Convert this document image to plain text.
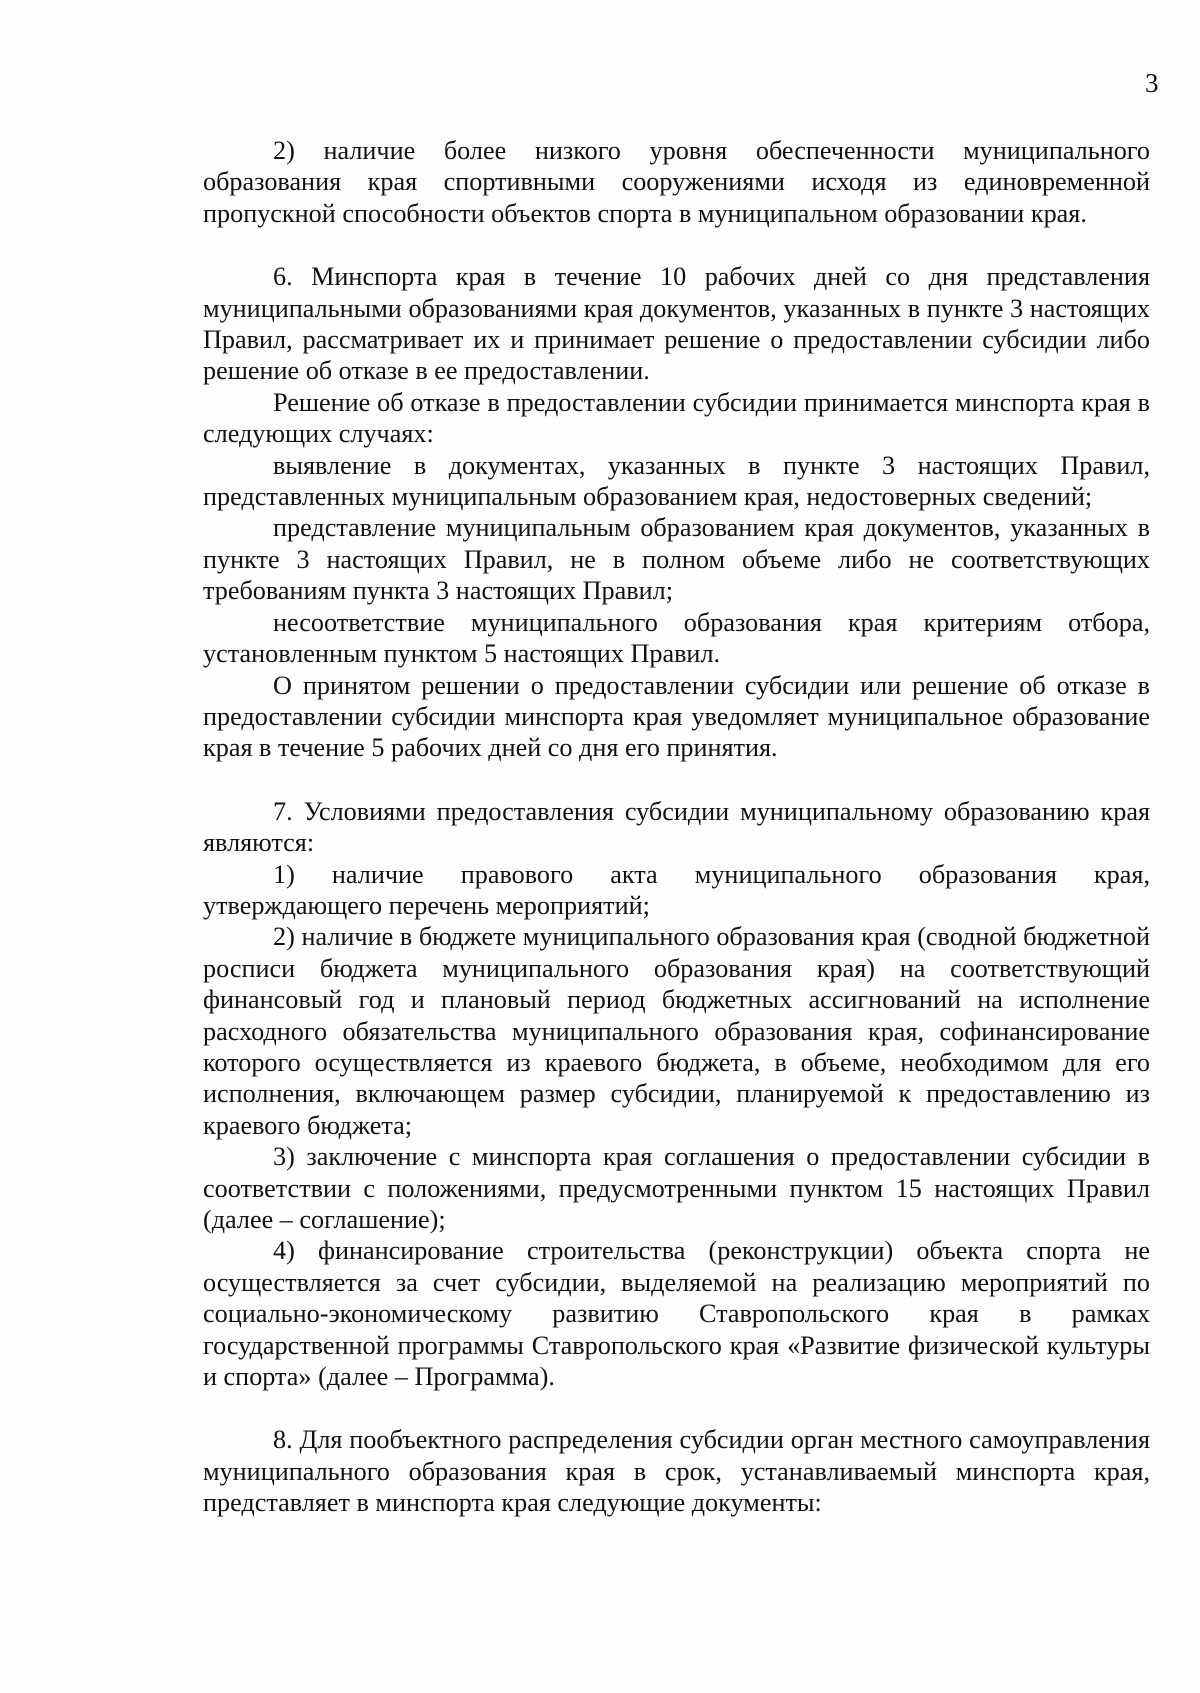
3

2) наличие более низкого уровня обеспеченности муниципального образования края спортивными сооружениями исходя из единовременной пропускной способности объектов спорта в муниципальном образовании края.

6. Минспорта края в течение 10 рабочих дней со дня представления муниципальными образованиями края документов, указанных в пункте 3 настоящих Правил, рассматривает их и принимает решение о предоставлении субсидии либо решение об отказе в ее предоставлении.

Решение об отказе в предоставлении субсидии принимается минспорта края в следующих случаях:

выявление в документах, указанных в пункте 3 настоящих Правил, представленных муниципальным образованием края, недостоверных сведений;

представление муниципальным образованием края документов, указанных в пункте 3 настоящих Правил, не в полном объеме либо не соответствующих требованиям пункта 3 настоящих Правил;

несоответствие муниципального образования края критериям отбора, установленным пунктом 5 настоящих Правил.

О принятом решении о предоставлении субсидии или решение об отказе в предоставлении субсидии минспорта края уведомляет муниципальное образование края в течение 5 рабочих дней со дня его принятия.

7. Условиями предоставления субсидии муниципальному образованию края являются:

1) наличие правового акта муниципального образования края, утверждающего перечень мероприятий;

2) наличие в бюджете муниципального образования края (сводной бюджетной росписи бюджета муниципального образования края) на соответствующий финансовый год и плановый период бюджетных ассигнований на исполнение расходного обязательства муниципального образования края, софинансирование которого осуществляется из краевого бюджета, в объеме, необходимом для его исполнения, включающем размер субсидии, планируемой к предоставлению из краевого бюджета;

3) заключение с минспорта края соглашения о предоставлении субсидии в соответствии с положениями, предусмотренными пунктом 15 настоящих Правил (далее – соглашение);

4) финансирование строительства (реконструкции) объекта спорта не осуществляется за счет субсидии, выделяемой на реализацию мероприятий по социально-экономическому развитию Ставропольского края в рамках государственной программы Ставропольского края «Развитие физической культуры и спорта» (далее – Программа).

8. Для пообъектного распределения субсидии орган местного самоуправления муниципального образования края в срок, устанавливаемый минспорта края, представляет в минспорта края следующие документы:
